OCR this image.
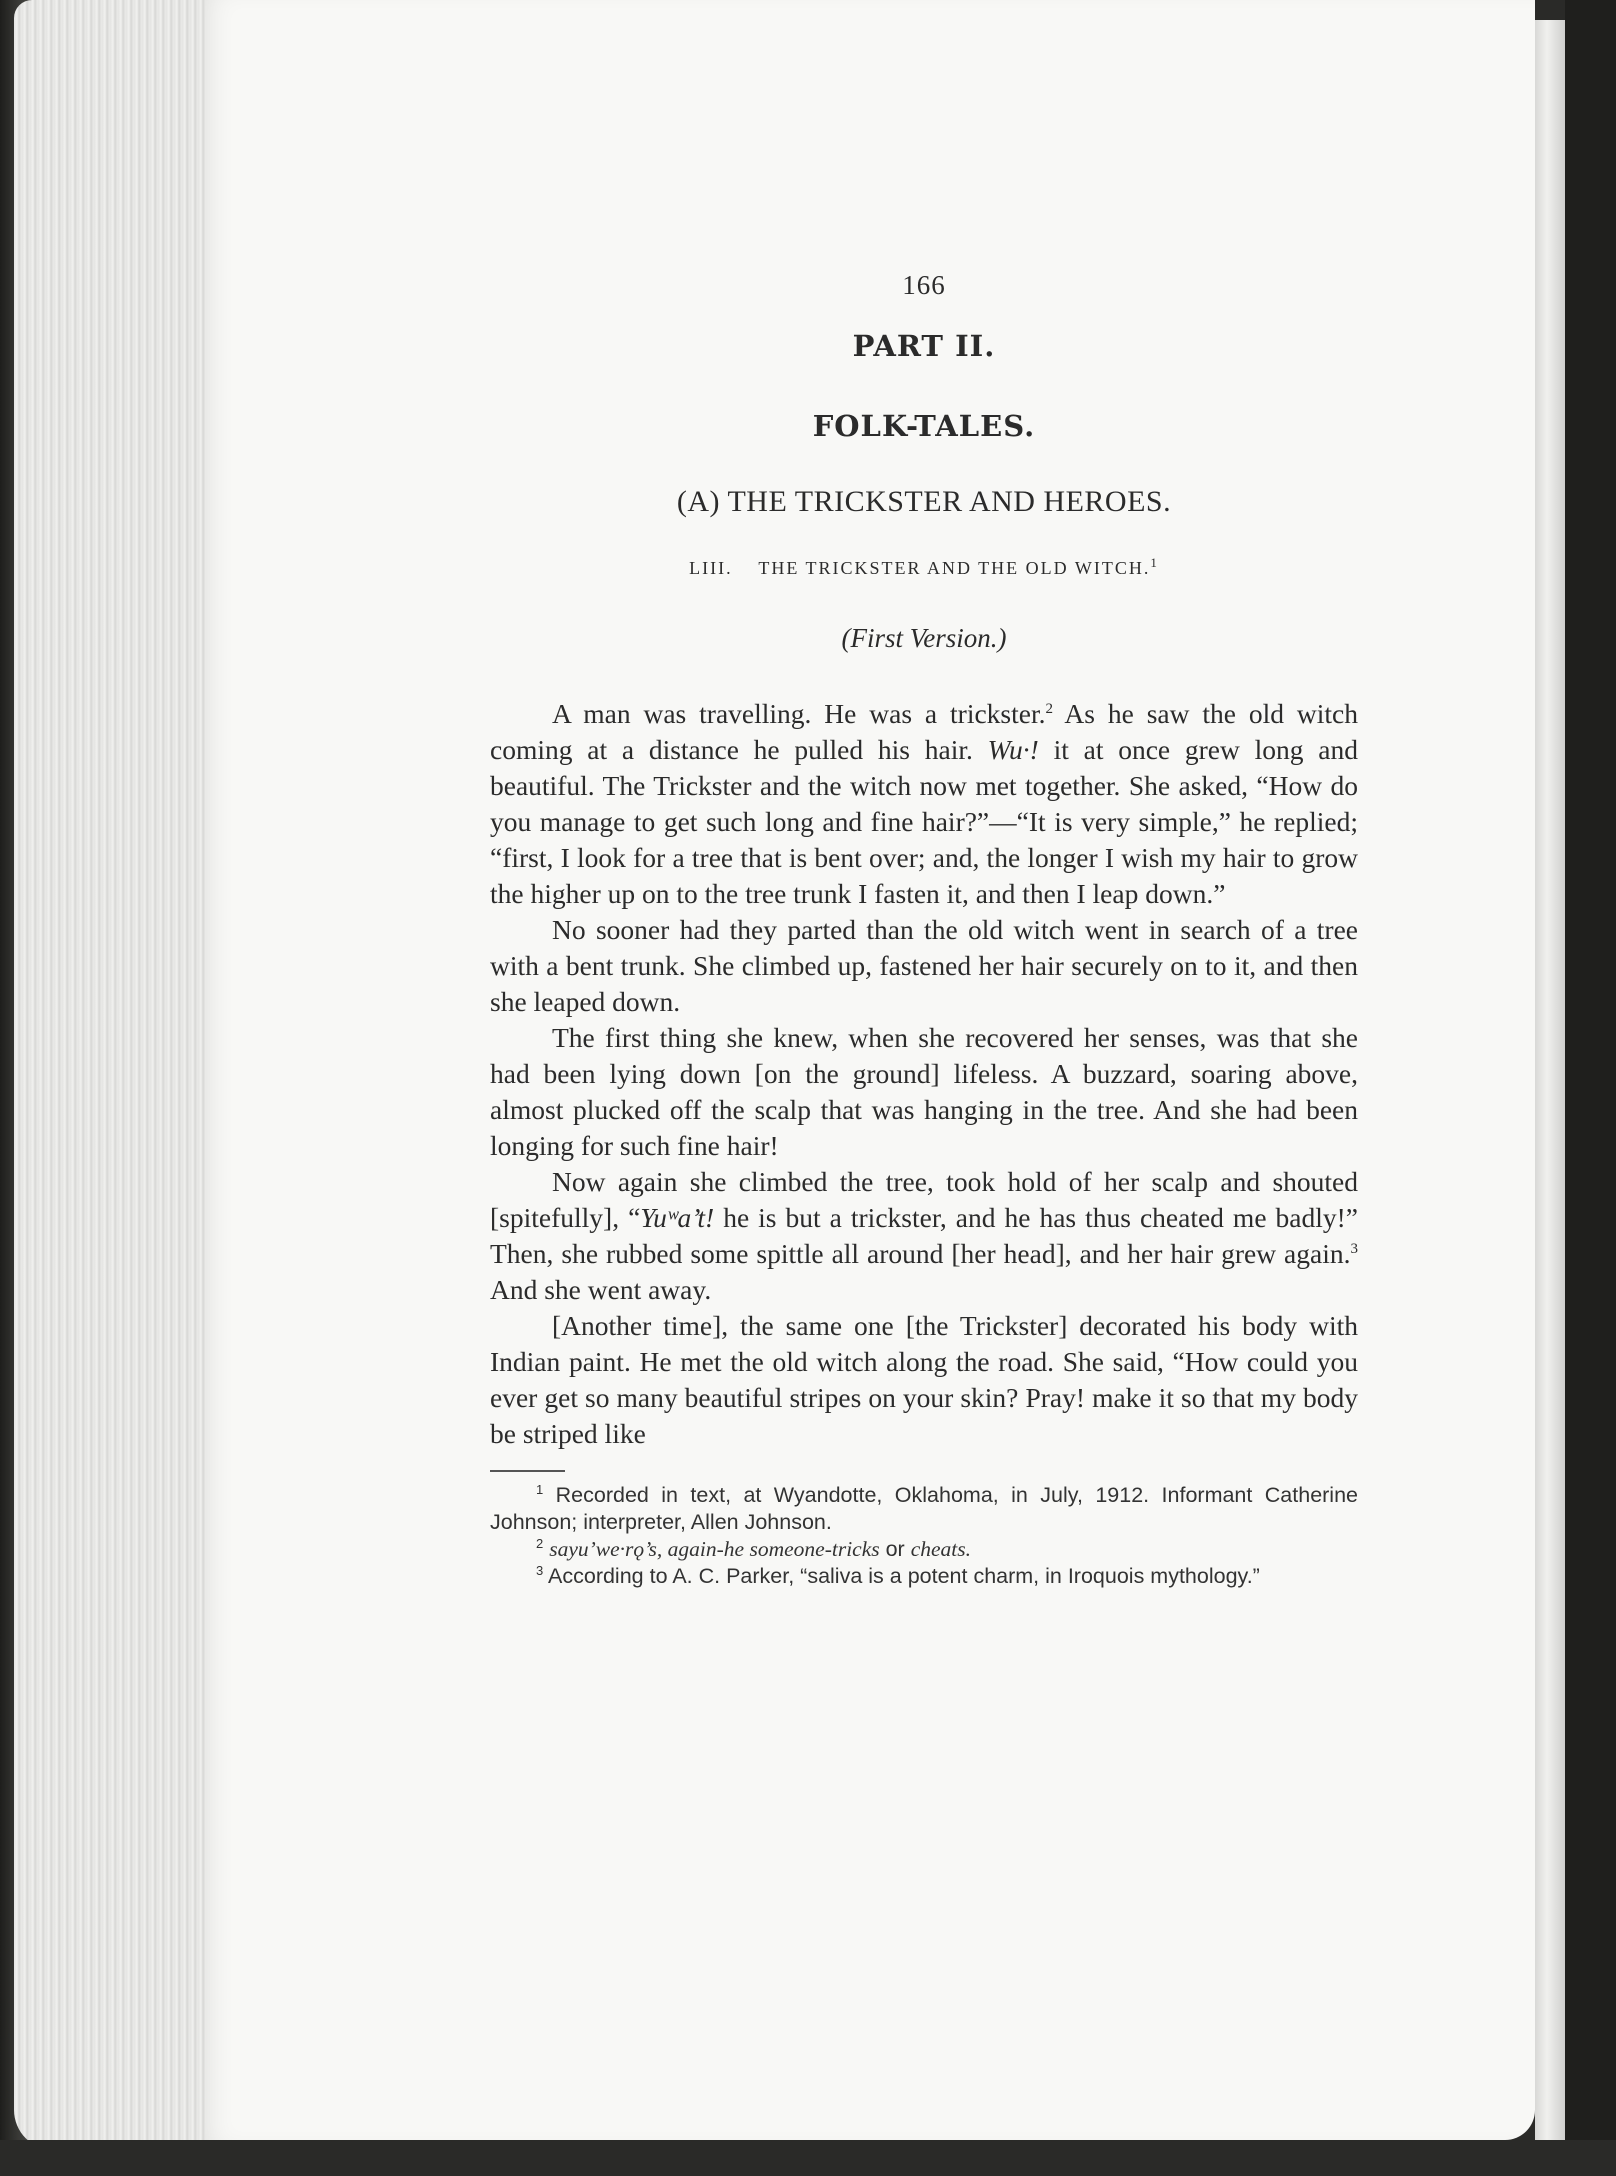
166
PART II.
FOLK-TALES.
(A) THE TRICKSTER AND HEROES.
LIII. THE TRICKSTER AND THE OLD WITCH.$^1$
(First Version.)

A man was travelling. He was a trickster.$^2$ As he saw the old witch coming at a distance he pulled his hair. Wu·! it at once grew long and beautiful. The Trickster and the witch now met together. She asked, “How do you manage to get such long and fine hair?”—“It is very simple,” he replied; “first, I look for a tree that is bent over; and, the longer I wish my hair to grow the higher up on to the tree trunk I fasten it, and then I leap down.”

No sooner had they parted than the old witch went in search of a tree with a bent trunk. She climbed up, fastened her hair securely on to it, and then she leaped down.

The first thing she knew, when she recovered her senses, was that she had been lying down [on the ground] lifeless. A buzzard, soaring above, almost plucked off the scalp that was hanging in the tree. And she had been longing for such fine hair!

Now again she climbed the tree, took hold of her scalp and shouted [spitefully], “Yuʷa’t! he is but a trickster, and he has thus cheated me badly!” Then, she rubbed some spittle all around [her head], and her hair grew again.$^3$ And she went away.

[Another time], the same one [the Trickster] decorated his body with Indian paint. He met the old witch along the road. She said, “How could you ever get so many beautiful stripes on your skin? Pray! make it so that my body be striped like

$^1$ Recorded in text, at Wyandotte, Oklahoma, in July, 1912. Informant Catherine Johnson; interpreter, Allen Johnson.

$^2$ sayu’we·rǫ’s, again-he someone-tricks or cheats.

$^3$ According to A. C. Parker, “saliva is a potent charm, in Iroquois mythology.”
